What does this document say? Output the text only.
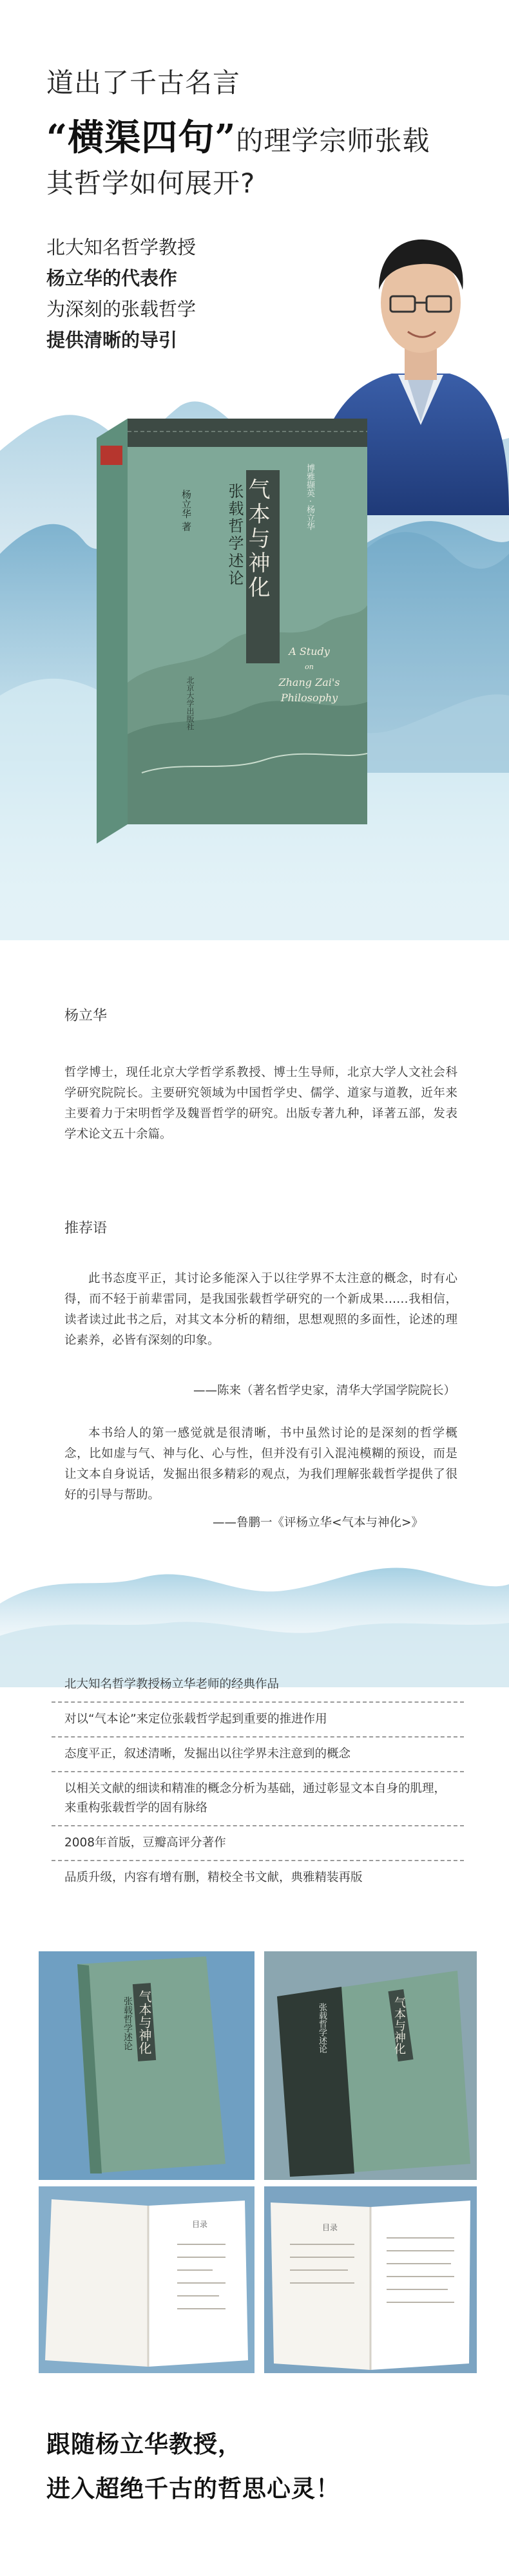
道出了千古名言
“横渠四句”的理学宗师张载
其哲学如何展开?
北大知名哲学教授
杨立华的代表作
为深刻的张载哲学
提供清晰的导引
气本与神化
张载哲学述论
杨立华 著	博雅撷英 · 杨立华
A Study
on
Zhang Zai's
Philosophy
北京大学出版社
杨立华
哲学博士，现任北京大学哲学系教授、博士生导师，北京大学人文社会科学研究院院长。主要研究领域为中国哲学史、儒学、道家与道教，近年来主要着力于宋明哲学及魏晋哲学的研究。出版专著九种，译著五部，发表学术论文五十余篇。
推荐语
此书态度平正，其讨论多能深入于以往学界不太注意的概念，时有心得，而不轻于前辈雷同，是我国张载哲学研究的一个新成果……我相信，读者读过此书之后，对其文本分析的精细，思想观照的多面性，论述的理论素养，必皆有深刻的印象。
——陈来（著名哲学史家，清华大学国学院院长）
本书给人的第一感觉就是很清晰，书中虽然讨论的是深刻的哲学概念，比如虚与气、神与化、心与性，但并没有引入混沌模糊的预设，而是让文本自身说话，发掘出很多精彩的观点，为我们理解张载哲学提供了很好的引导与帮助。
——鲁鹏一《评杨立华<气本与神化>》
北大知名哲学教授杨立华老师的经典作品
对以“气本论”来定位张载哲学起到重要的推进作用
态度平正，叙述清晰，发掘出以往学界未注意到的概念
以相关文献的细读和精准的概念分析为基础，通过彰显文本自身的肌理，来重构张载哲学的固有脉络
2008年首版，豆瓣高评分著作
品质升级，内容有增有删，精校全书文献，典雅精装再版
气本与神化
张载哲学述论	气本与神化
张载哲学述论
目录	目录
跟随杨立华教授，
进入超绝千古的哲思心灵！
